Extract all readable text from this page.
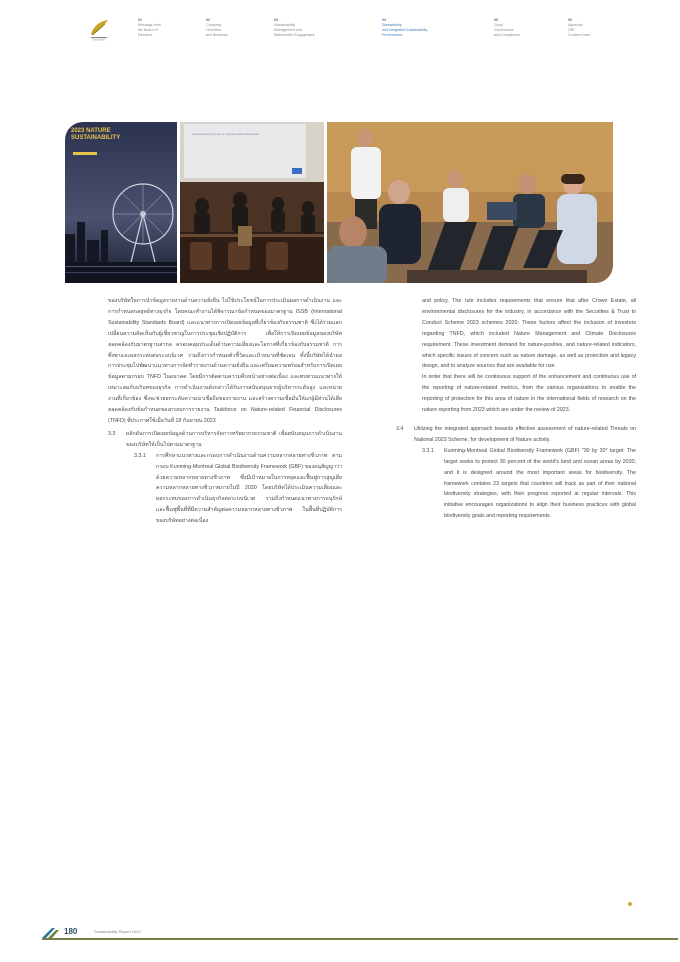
01
Message from
the Board of
Directors
02
Company
Overview
and Business
03
Sustainability
Management and
Stakeholder Engagement
04
Stewardship
and Integrated Sustainability
Performance
05
Good
Governance
and Compliance
06
Appendix
GRI
Content Index
2023 NATURE SUSTAINABILITY
Accelerating progress on nature-related disclosure

ของบริษัทในการนำข้อมูลรายงานด้านความยั่งยืน ไปใช้ประโยชน์ในการประเมินผลการดำเนินงาน และการกำหนดกลยุทธ์ทางธุรกิจ โดยคณะทำงานได้พิจารณาข้อกำหนดของมาตรฐาน ISSB (International Sustainability Standards Board) และแนวทางการเปิดเผยข้อมูลที่เกี่ยวข้องกับธรรมชาติ ซึ่งได้ร่วมแลกเปลี่ยนความคิดเห็นกับผู้เชี่ยวชาญในการประชุมเชิงปฏิบัติการ เพื่อให้การเปิดเผยข้อมูลของบริษัทสอดคล้องกับมาตรฐานสากล ครอบคลุมประเด็นด้านความเสี่ยงและโอกาสที่เกี่ยวข้องกับธรรมชาติ การพึ่งพาและผลกระทบต่อระบบนิเวศ รวมถึงการกำหนดตัวชี้วัดและเป้าหมายที่ชัดเจน ทั้งนี้บริษัทได้นำผลการประชุมไปพัฒนาแนวทางการจัดทำรายงานด้านความยั่งยืน และเตรียมความพร้อมสำหรับการเปิดเผยข้อมูลตามกรอบ TNFD ในอนาคต โดยมีการติดตามความคืบหน้าอย่างต่อเนื่อง และทบทวนแนวทางให้เหมาะสมกับบริบทของธุรกิจ การดำเนินงานดังกล่าวได้รับการสนับสนุนจากผู้บริหารระดับสูง และหน่วยงานที่เกี่ยวข้อง ซึ่งจะช่วยยกระดับความน่าเชื่อถือของรายงาน และสร้างความเชื่อมั่นให้แก่ผู้มีส่วนได้เสีย สอดคล้องกับข้อกำหนดของกรอบการรายงาน Taskforce on Nature-related Financial Disclosures (TNFD) ที่ประกาศใช้เมื่อวันที่ 18 กันยายน 2023

3.3	ผลักดันการเปิดเผยข้อมูลด้านการบริหารจัดการทรัพยากรธรรมชาติ เพื่อสนับสนุนการดำเนินงานของบริษัทให้เป็นไปตามมาตรฐาน
3.3.1	การศึกษาแนวทางและกรอบการดำเนินงานด้านความหลากหลายทางชีวภาพ ตามกรอบ Kunming-Montreal Global Biodiversity Framework (GBF) ของอนุสัญญาว่าด้วยความหลากหลายทางชีวภาพ ซึ่งมีเป้าหมายในการหยุดและฟื้นฟูการสูญเสียความหลากหลายทางชีวภาพภายในปี 2030 โดยบริษัทได้ประเมินความเสี่ยงและผลกระทบของการดำเนินธุรกิจต่อระบบนิเวศ รวมถึงกำหนดแนวทางการอนุรักษ์และฟื้นฟูพื้นที่ที่มีความสำคัญต่อความหลากหลายทางชีวภาพ ในพื้นที่ปฏิบัติการของบริษัทอย่างต่อเนื่อง

and policy. The rule includes requirements that ensure that after Crown Estate, all environmental disclosures for the industry, in accordance with the Securities & Trust to Conduct Scheme 2023 schemes 2020. These factors affect the inclusion of investors regarding TNFD, which included Nature Management and Climate Disclosures requirement. These investment demand for nature-positive, and nature-related indicators, which specific issues of concern such as nature damage, as well as protection and legacy design, and to analyze sources that are available for use.

In order that there will be continuous support of the enhancement and continuous use of the reporting of nature-related metrics, from the various organizations to enable the reporting of protection for this area of nature in the international fields of research on the nature reporting from 2023 which are under the review of 2023.

3.4	Utilizing the integrated approach towards effective assessment of nature-related Threats on National 2023 Scheme, for development of Nature activity.
3.3.1	Kunming-Montreal Global Biodiversity Framework (GBF) "30 by 30" target: The target seeks to protect 30 percent of the world's land and ocean areas by 2030, and it is designed around the most important areas for biodiversity. The framework contains 23 targets that countries will track as part of their national biodiversity strategies, with their progress reported at regular intervals. This initiative encourages organizations to align their business practices with global biodiversity goals and reporting requirements.
180	Sustainability Report 2023
